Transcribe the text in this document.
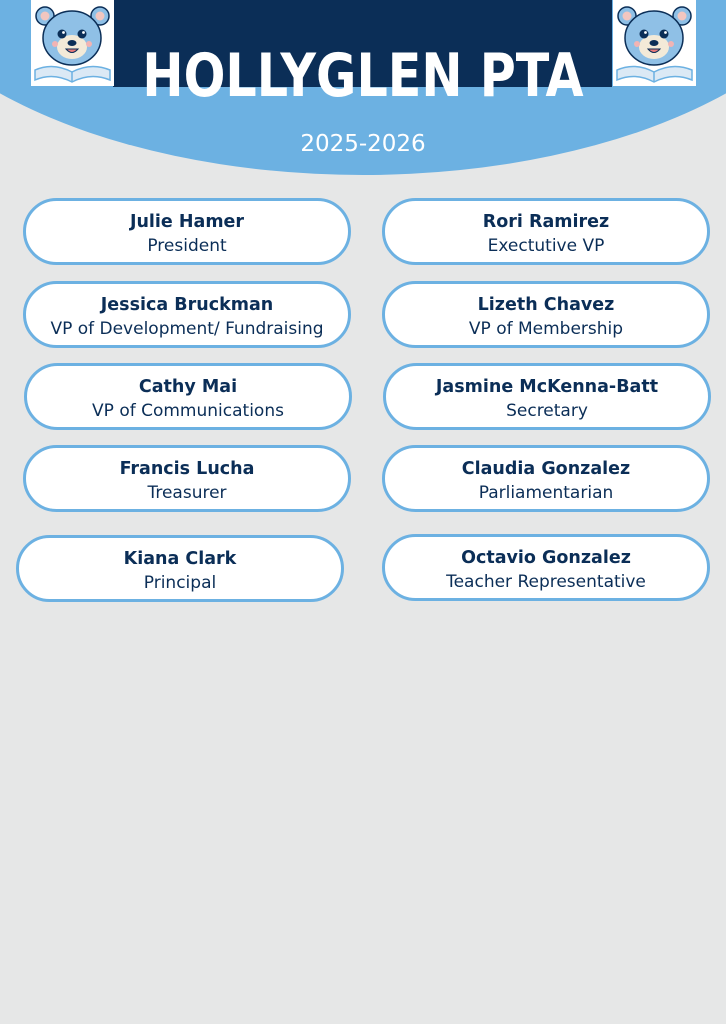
HOLLYGLEN PTA
2025-2026
Julie Hamer
President
Rori Ramirez
Exectutive VP
Jessica Bruckman
VP of Development/ Fundraising
Lizeth Chavez
VP of Membership
Cathy Mai
VP of Communications
Jasmine McKenna-Batt
Secretary
Francis Lucha
Treasurer
Claudia Gonzalez
Parliamentarian
Kiana Clark
Principal
Octavio Gonzalez
Teacher Representative
